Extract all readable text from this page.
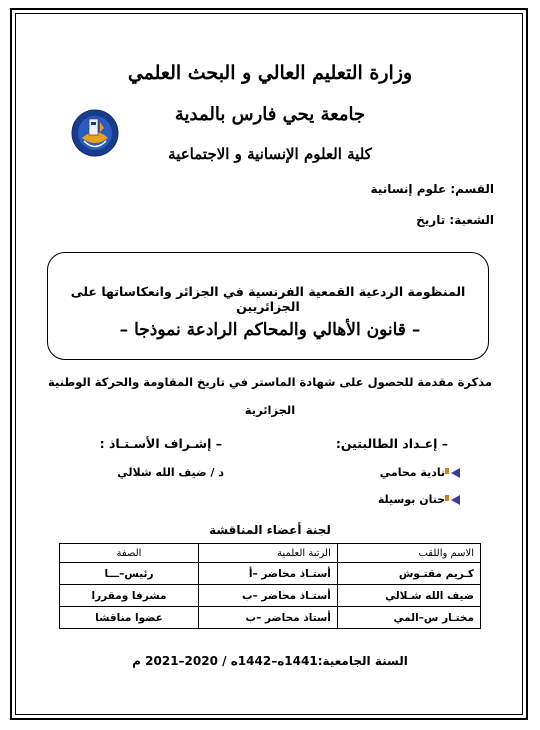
وزارة التعليم العالي و البحث العلمي
جامعة يحي فارس بالمدية
كلية العلوم الإنسانية و الاجتماعية
القسم: علوم إنسانية
الشعبة: تاريخ
المنظومة الردعية القمعية الفرنسية في الجزائر وانعكاساتها على الجزائريين
– قانون الأهالي والمحاكم الرادعة نموذجا –
مذكرة مقدمة للحصول على شهادة الماستر في تاريخ المقاومة والحركة الوطنية الجزائرية
– إعـداد الطالبتين:
– إشـراف الأسـتـاذ :
نادية محامي
حنان بوسيلة
د / ضيف الله شلالي
لجنة أعضاء المناقشة
الاسم واللقب	الرتبة العلمية	الصفة
كـريم مقتـوش	أستـاذ محاضر –أ	رئيس–ـــا
ضيف الله شـلالي	أستـاذ محاضر –ب	مشرفا ومقررا
مختـار س–المي	أستاذ محاضر –ب	عضوا مناقشا
السنة الجامعية:1441ه–1442ه / 2020–2021 م
